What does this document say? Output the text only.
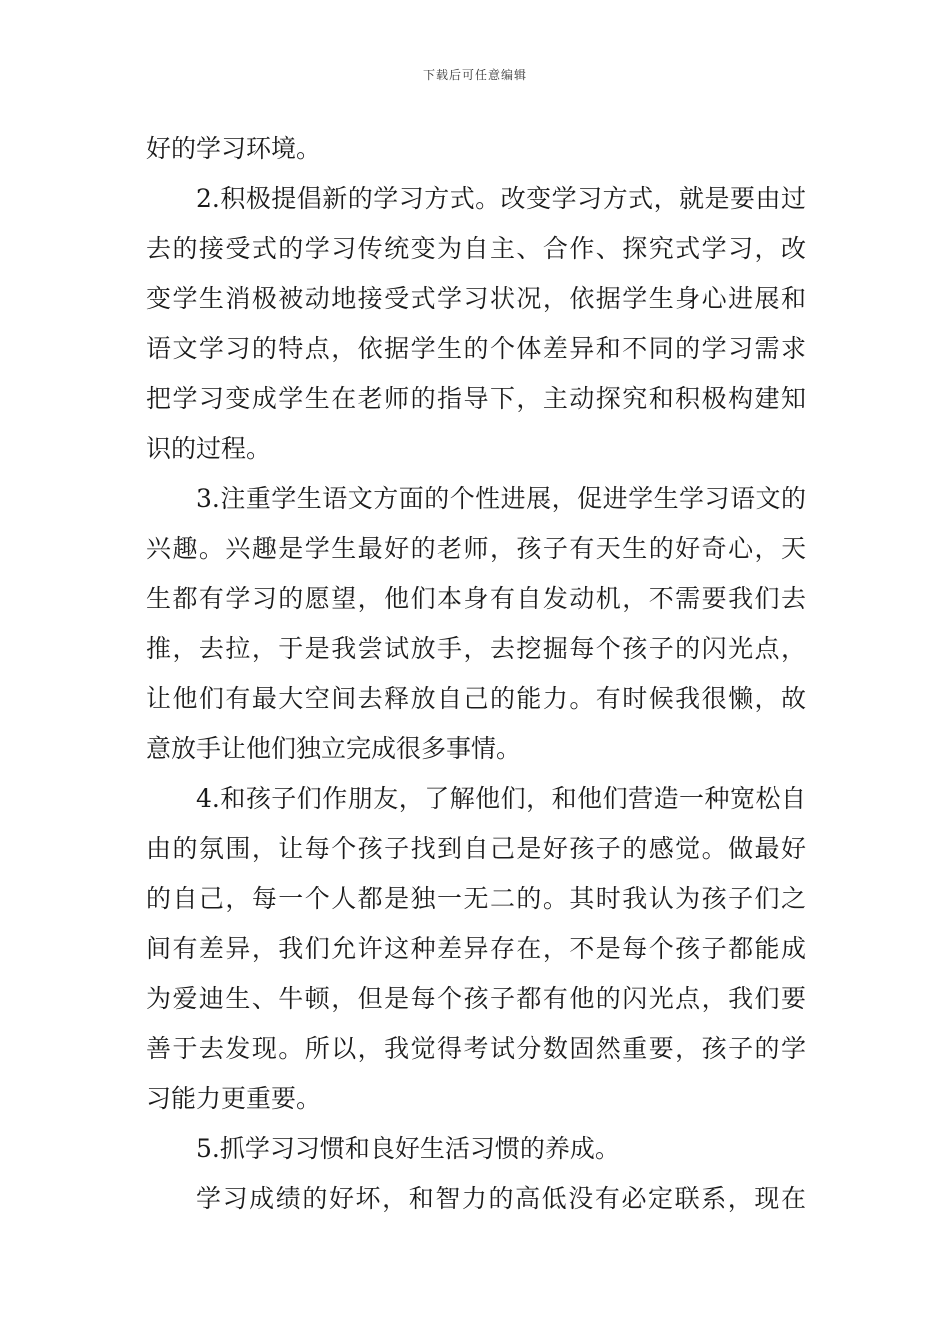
下载后可任意编辑
好的学习环境。
2.积极提倡新的学习方式。改变学习方式，就是要由过
去的接受式的学习传统变为自主、合作、探究式学习，改
变学生消极被动地接受式学习状况，依据学生身心进展和
语文学习的特点，依据学生的个体差异和不同的学习需求
把学习变成学生在老师的指导下，主动探究和积极构建知
识的过程。
3.注重学生语文方面的个性进展，促进学生学习语文的
兴趣。兴趣是学生最好的老师，孩子有天生的好奇心，天
生都有学习的愿望，他们本身有自发动机，不需要我们去
推，去拉，于是我尝试放手，去挖掘每个孩子的闪光点，
让他们有最大空间去释放自己的能力。有时候我很懒，故
意放手让他们独立完成很多事情。
4.和孩子们作朋友，了解他们，和他们营造一种宽松自
由的氛围，让每个孩子找到自己是好孩子的感觉。做最好
的自己，每一个人都是独一无二的。其时我认为孩子们之
间有差异，我们允许这种差异存在，不是每个孩子都能成
为爱迪生、牛顿，但是每个孩子都有他的闪光点，我们要
善于去发现。所以，我觉得考试分数固然重要，孩子的学
习能力更重要。
5.抓学习习惯和良好生活习惯的养成。
学习成绩的好坏，和智力的高低没有必定联系，现在
